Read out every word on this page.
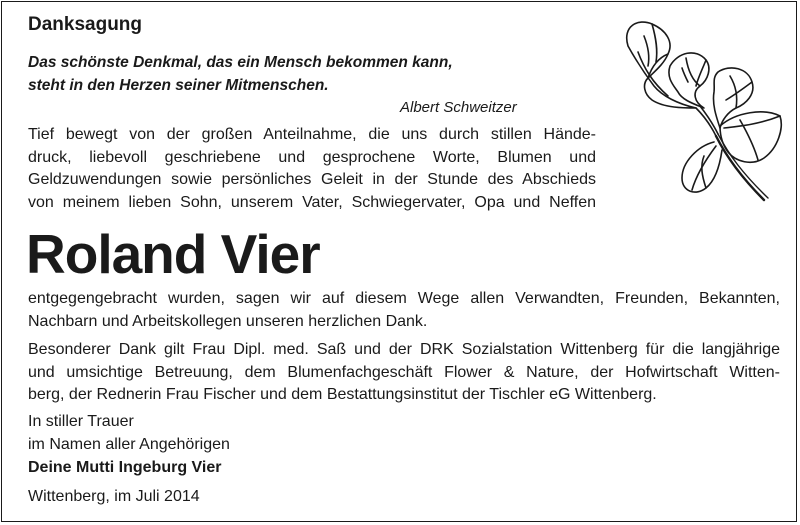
Danksagung
Das schönste Denkmal, das ein Mensch bekommen kann,
steht in den Herzen seiner Mitmenschen.
Albert Schweitzer
Tief bewegt von der großen Anteilnahme, die uns durch stillen Hände-
druck, liebevoll geschriebene und gesprochene Worte, Blumen und
Geldzuwendungen sowie persönliches Geleit in der Stunde des Abschieds
von meinem lieben Sohn, unserem Vater, Schwiegervater, Opa und Neffen
Roland Vier
entgegengebracht wurden, sagen wir auf diesem Wege allen Verwandten, Freunden, Bekannten,
Nachbarn und Arbeitskollegen unseren herzlichen Dank.
Besonderer Dank gilt Frau Dipl. med. Saß und der DRK Sozialstation Wittenberg für die langjährige
und umsichtige Betreuung, dem Blumenfachgeschäft Flower & Nature, der Hofwirtschaft Witten-
berg, der Rednerin Frau Fischer und dem Bestattungsinstitut der Tischler eG Wittenberg.
In stiller Trauer
im Namen aller Angehörigen
Deine Mutti Ingeburg Vier
Wittenberg, im Juli 2014
